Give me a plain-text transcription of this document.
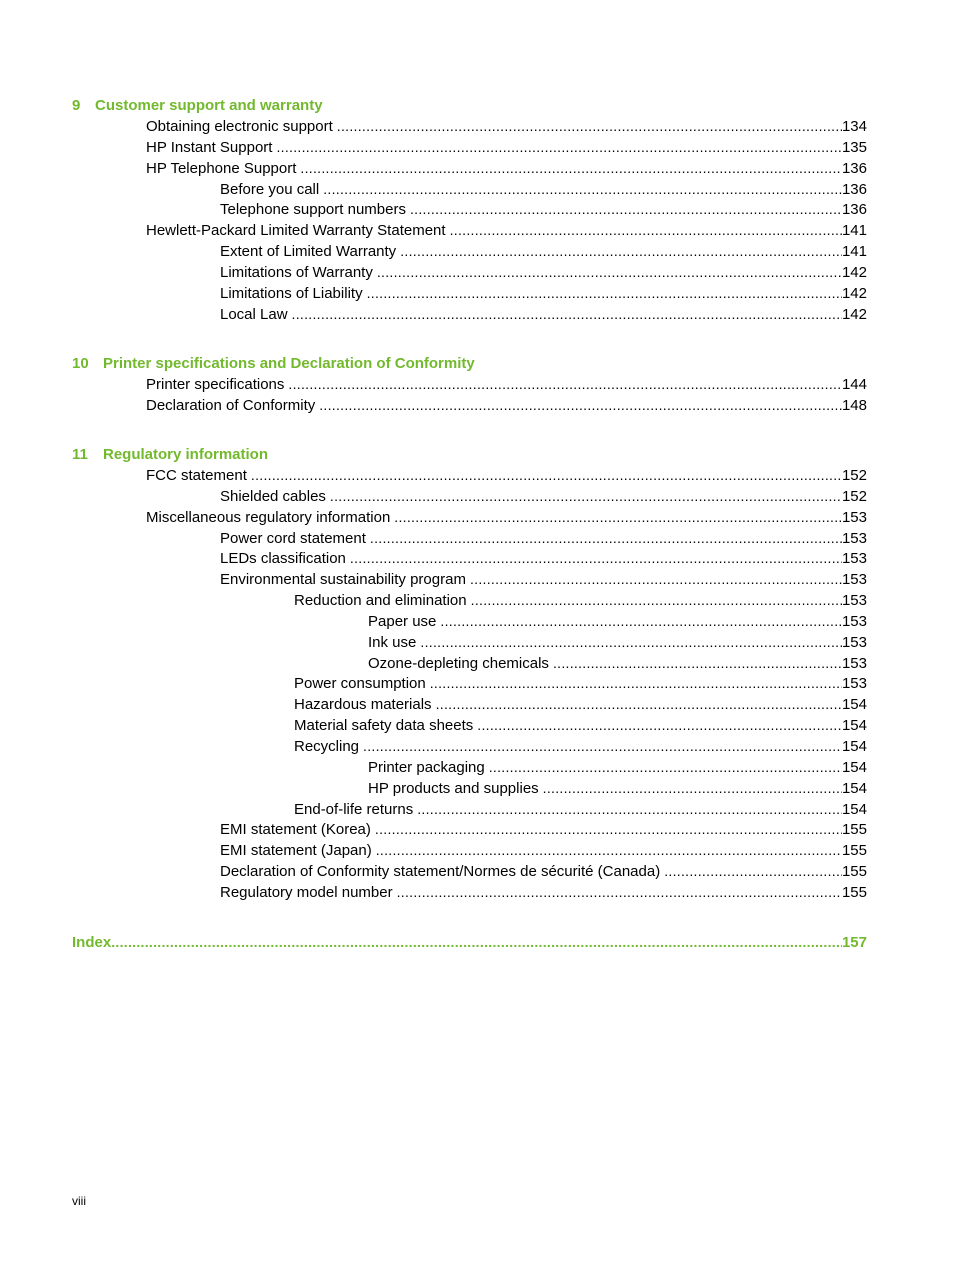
9 Customer support and warranty
Obtaining electronic support .....	134
HP Instant Support .....	135
HP Telephone Support .....	136
Before you call .....	136
Telephone support numbers .....	136
Hewlett-Packard Limited Warranty Statement .....	141
Extent of Limited Warranty .....	141
Limitations of Warranty .....	142
Limitations of Liability .....	142
Local Law .....	142
10 Printer specifications and Declaration of Conformity
Printer specifications .....	144
Declaration of Conformity .....	148
11 Regulatory information
FCC statement .....	152
Shielded cables .....	152
Miscellaneous regulatory information .....	153
Power cord statement .....	153
LEDs classification .....	153
Environmental sustainability program .....	153
Reduction and elimination .....	153
Paper use .....	153
Ink use .....	153
Ozone-depleting chemicals .....	153
Power consumption .....	153
Hazardous materials .....	154
Material safety data sheets .....	154
Recycling .....	154
Printer packaging .....	154
HP products and supplies .....	154
End-of-life returns .....	154
EMI statement (Korea) .....	155
EMI statement (Japan) .....	155
Declaration of Conformity statement/Normes de sécurité (Canada) .....	155
Regulatory model number .....	155
Index .....	157
viii
